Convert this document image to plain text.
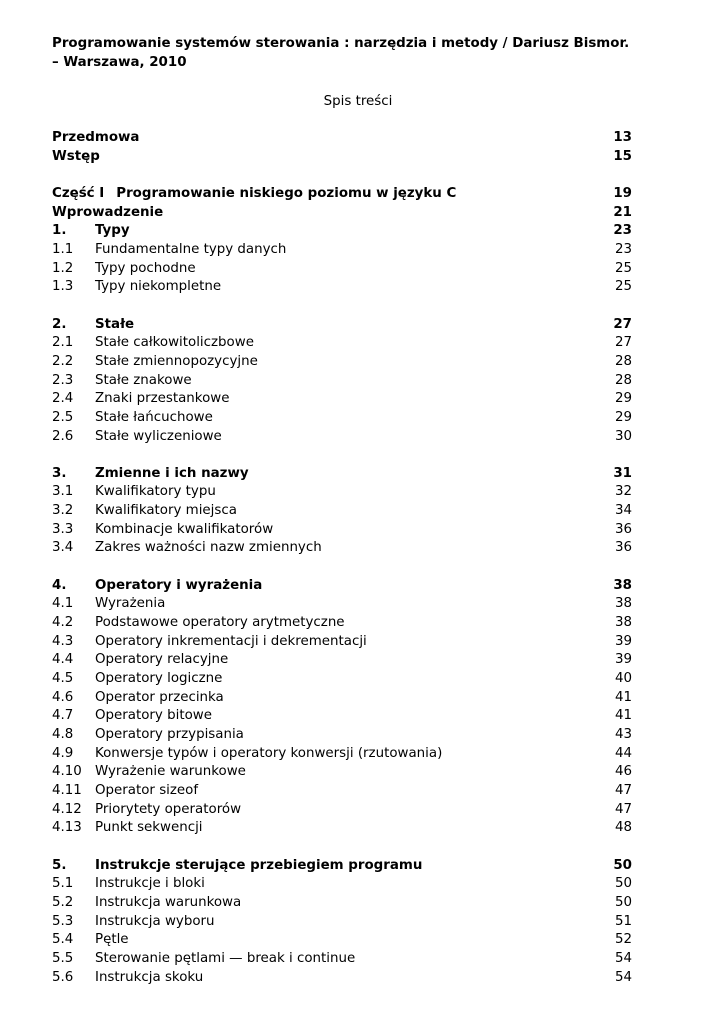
Programowanie systemów sterowania : narzędzia i metody / Dariusz Bismor.

– Warszawa, 2010

Spis treści
Przedmowa	13
Wstęp	15
Część I Programowanie niskiego poziomu w języku C	19
Wprowadzenie	21
1.	Typy	23
1.1	Fundamentalne typy danych	23
1.2	Typy pochodne	25
1.3	Typy niekompletne	25
2.	Stałe	27
2.1	Stałe całkowitoliczbowe	27
2.2	Stałe zmiennopozycyjne	28
2.3	Stałe znakowe	28
2.4	Znaki przestankowe	29
2.5	Stałe łańcuchowe	29
2.6	Stałe wyliczeniowe	30
3.	Zmienne i ich nazwy	31
3.1	Kwalifikatory typu	32
3.2	Kwalifikatory miejsca	34
3.3	Kombinacje kwalifikatorów	36
3.4	Zakres ważności nazw zmiennych	36
4.	Operatory i wyrażenia	38
4.1	Wyrażenia	38
4.2	Podstawowe operatory arytmetyczne	38
4.3	Operatory inkrementacji i dekrementacji	39
4.4	Operatory relacyjne	39
4.5	Operatory logiczne	40
4.6	Operator przecinka	41
4.7	Operatory bitowe	41
4.8	Operatory przypisania	43
4.9	Konwersje typów i operatory konwersji (rzutowania)	44
4.10 Wyrażenie warunkowe	46
4.11 Operator sizeof	47
4.12 Priorytety operatorów	47
4.13 Punkt sekwencji	48
5.	Instrukcje sterujące przebiegiem programu	50
5.1	Instrukcje i bloki	50
5.2	Instrukcja warunkowa	50
5.3	Instrukcja wyboru	51
5.4	Pętle	52
5.5	Sterowanie pętlami — break i continue	54
5.6	Instrukcja skoku	54
